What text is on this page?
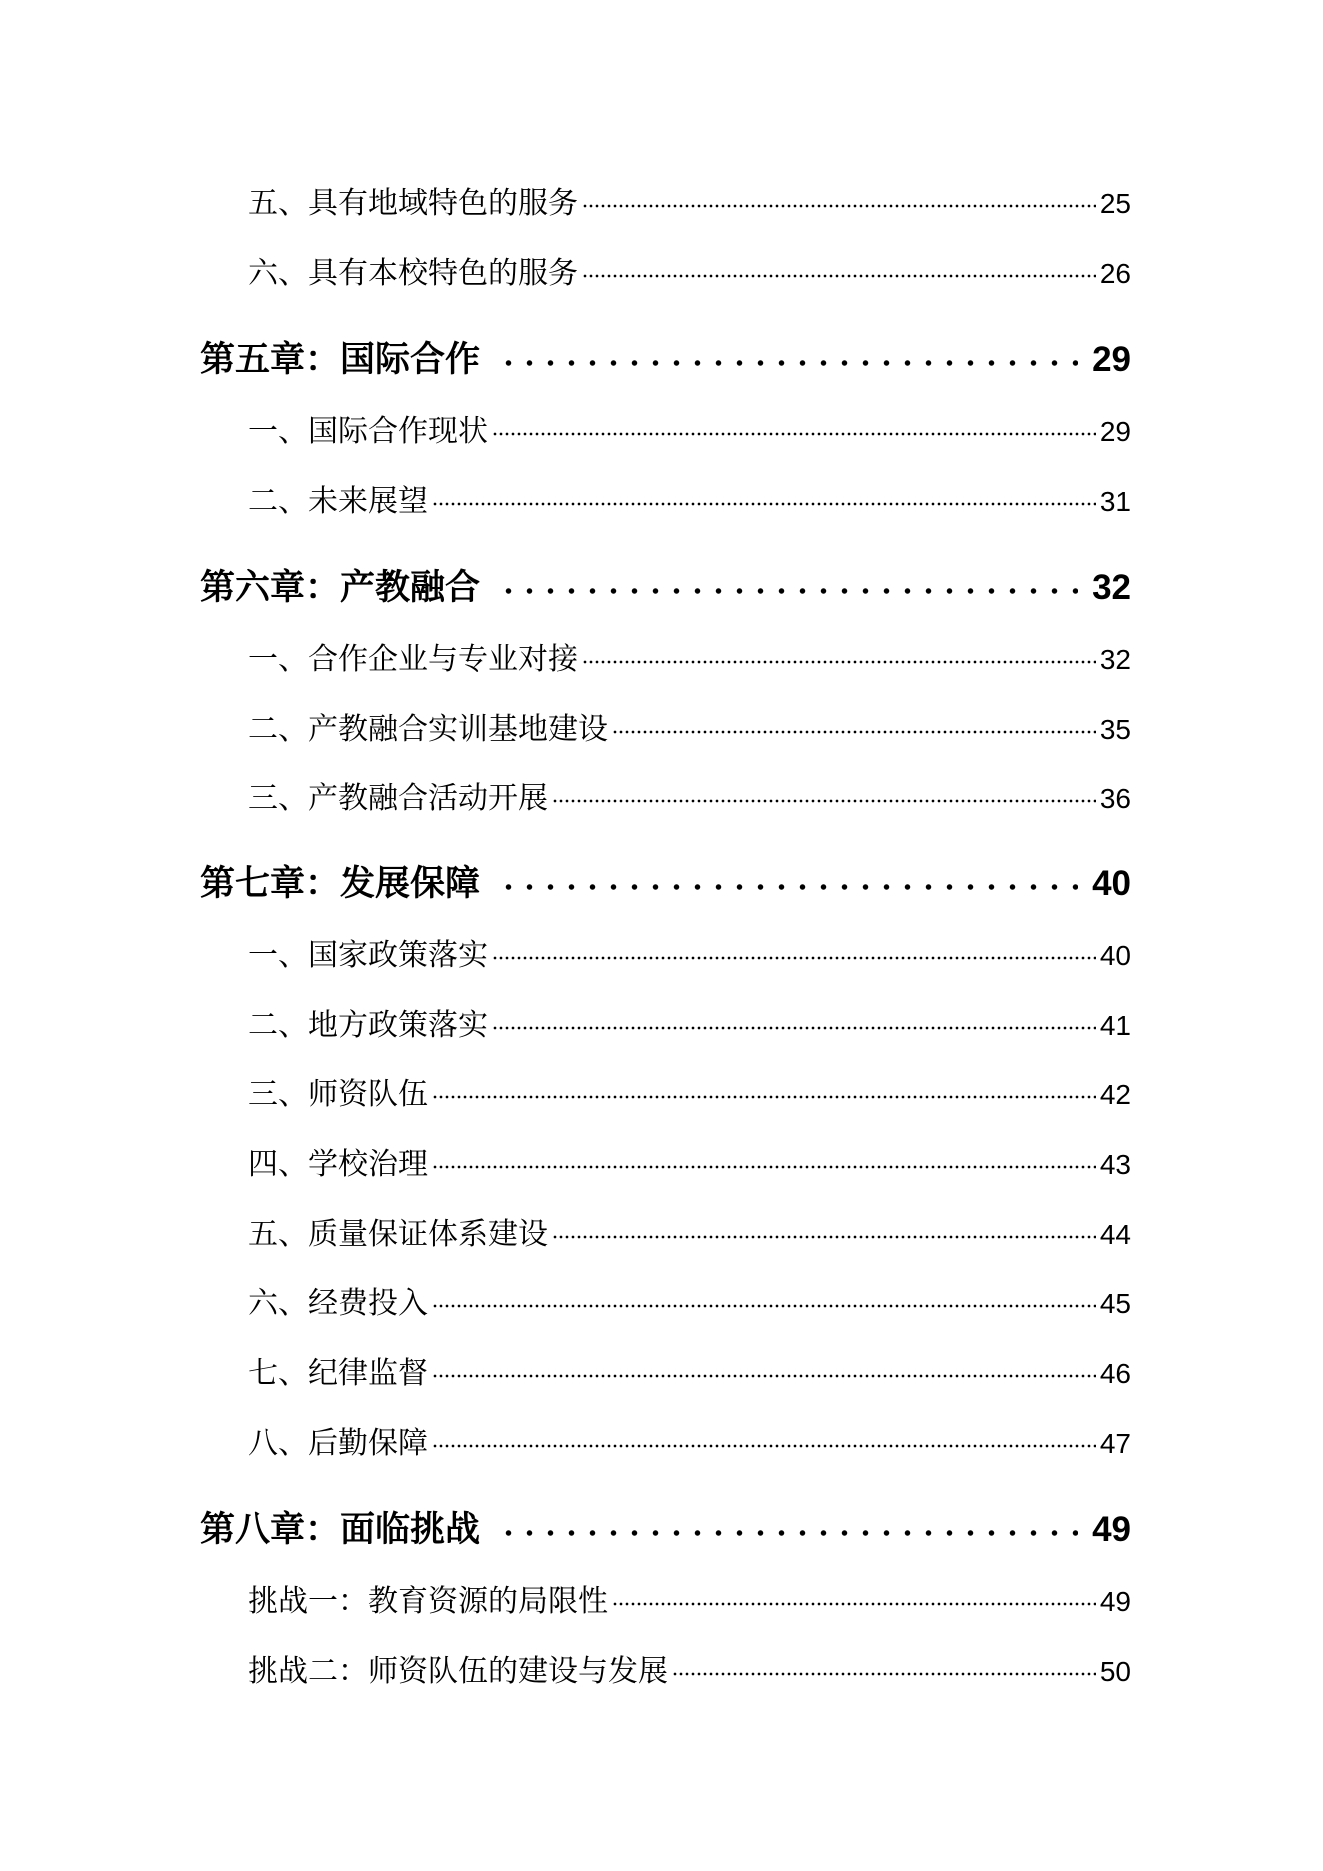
五、具有地域特色的服务	25
六、具有本校特色的服务	26
第五章：国际合作	29
一、国际合作现状	29
二、未来展望	31
第六章：产教融合	32
一、合作企业与专业对接	32
二、产教融合实训基地建设	35
三、产教融合活动开展	36
第七章：发展保障	40
一、国家政策落实	40
二、地方政策落实	41
三、师资队伍	42
四、学校治理	43
五、质量保证体系建设	44
六、经费投入	45
七、纪律监督	46
八、后勤保障	47
第八章：面临挑战	49
挑战一：教育资源的局限性	49
挑战二：师资队伍的建设与发展	50
